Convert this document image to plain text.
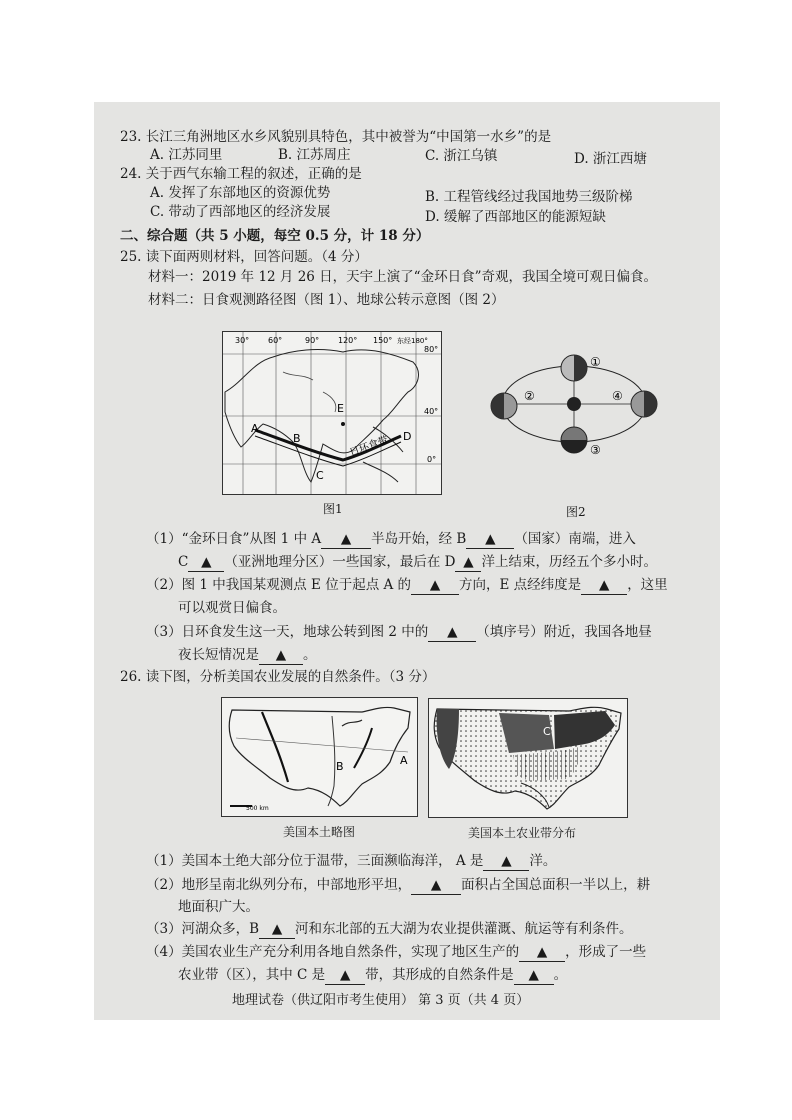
23. 长江三角洲地区水乡风貌别具特色，其中被誉为“中国第一水乡”的是
A. 江苏同里	B. 江苏周庄	C. 浙江乌镇	D. 浙江西塘
24. 关于西气东输工程的叙述，正确的是
A. 发挥了东部地区的资源优势	B. 工程管线经过我国地势三级阶梯
C. 带动了西部地区的经济发展	D. 缓解了西部地区的能源短缺
二、综合题（共 5 小题，每空 0.5 分，计 18 分）
25. 读下面两则材料，回答问题。（4 分）
材料一：2019 年 12 月 26 日，天宇上演了“金环日食”奇观，我国全境可观日偏食。
材料二：日食观测路径图（图 1）、地球公转示意图（图 2）
30° 60°	90° 120° 150° 东经180°
80°
40°
0°
A
B
C
D
E
日环食带
图1
①
②
③
④
图2
（1）“金环日食”从图 1 中 A ▲ 半岛开始，经 B ▲ （国家）南端，进入
C ▲ （亚洲地理分区）一些国家，最后在 D ▲ 洋上结束，历经五个多小时。
（2）图 1 中我国某观测点 E 位于起点 A 的 ▲ 方向，E 点经纬度是 ▲ ，这里
可以观赏日偏食。
（3）日环食发生这一天，地球公转到图 2 中的 ▲ （填序号）附近，我国各地昼
夜长短情况是 ▲ 。
26. 读下图，分析美国农业发展的自然条件。（3 分）
A
B
500 km
美国本土略图
C
美国本土农业带分布
（1）美国本土绝大部分位于温带，三面濒临海洋， A 是 ▲ 洋。
（2）地形呈南北纵列分布，中部地形平坦， ▲ 面积占全国总面积一半以上，耕
地面积广大。
（3）河湖众多，B ▲ 河和东北部的五大湖为农业提供灌溉、航运等有利条件。
（4）美国农业生产充分利用各地自然条件，实现了地区生产的 ▲ ，形成了一些
农业带（区），其中 C 是 ▲ 带，其形成的自然条件是 ▲ 。
地理试卷（供辽阳市考生使用） 第 3 页（共 4 页）
